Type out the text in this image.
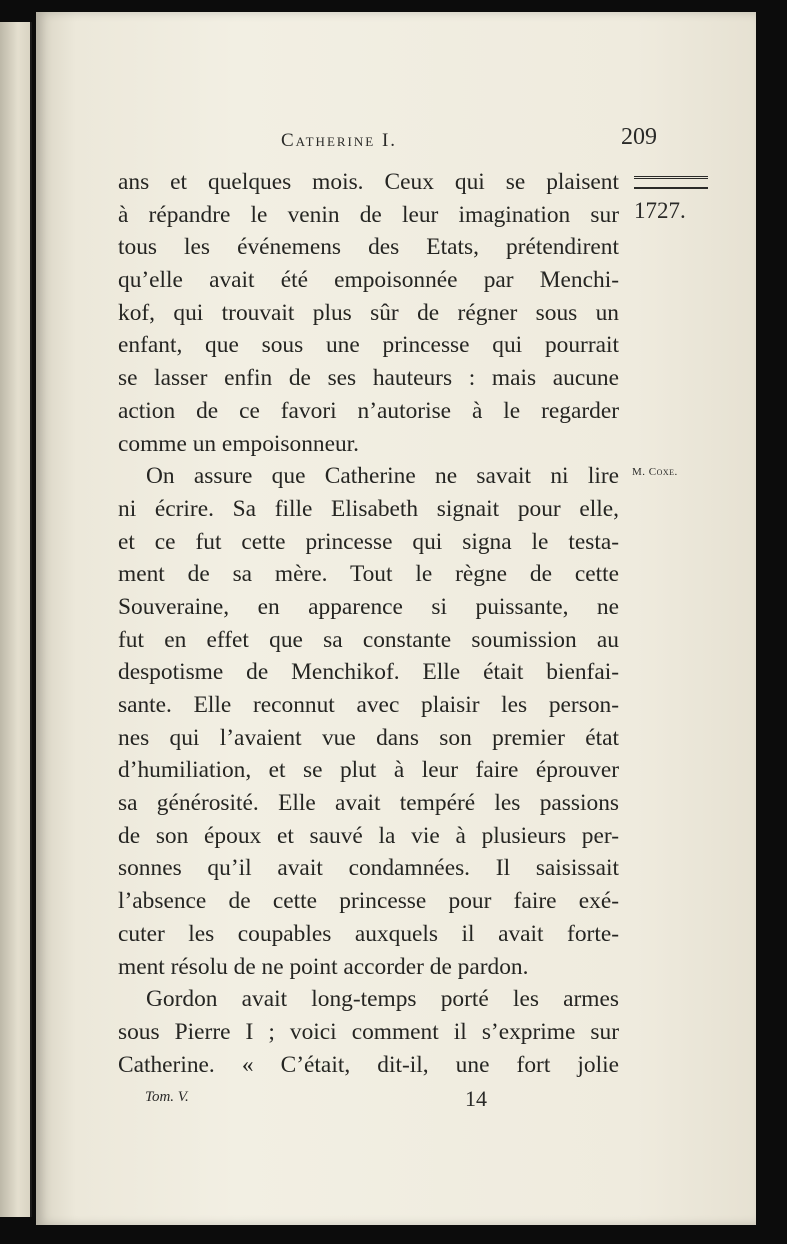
Catherine I.	209
1727.
M. Coxe.
ans et quelques mois. Ceux qui se plaisent
à répandre le venin de leur imagination sur
tous les événemens des Etats, prétendirent
qu’elle avait été empoisonnée par Menchi-
kof, qui trouvait plus sûr de régner sous un
enfant, que sous une princesse qui pourrait
se lasser enfin de ses hauteurs : mais aucune
action de ce favori n’autorise à le regarder
comme un empoisonneur.
On assure que Catherine ne savait ni lire
ni écrire. Sa fille Elisabeth signait pour elle,
et ce fut cette princesse qui signa le testa-
ment de sa mère. Tout le règne de cette
Souveraine, en apparence si puissante, ne
fut en effet que sa constante soumission au
despotisme de Menchikof. Elle était bienfai-
sante. Elle reconnut avec plaisir les person-
nes qui l’avaient vue dans son premier état
d’humiliation, et se plut à leur faire éprouver
sa générosité. Elle avait tempéré les passions
de son époux et sauvé la vie à plusieurs per-
sonnes qu’il avait condamnées. Il saisissait
l’absence de cette princesse pour faire exé-
cuter les coupables auxquels il avait forte-
ment résolu de ne point accorder de pardon.
Gordon avait long-temps porté les armes
sous Pierre I ; voici comment il s’exprime sur
Catherine. « C’était, dit-il, une fort jolie
Tom. V.	14
